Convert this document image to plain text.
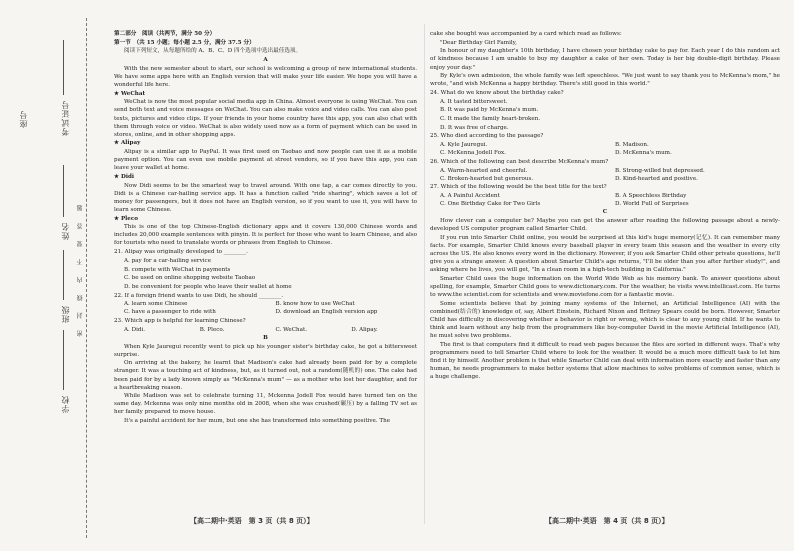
学校
班级
姓名
考试证号
座号
密 封 线 内 不 要 答 题

第二部分　阅读（共两节，满分 50 分）

第一节　（共 15 小题；每小题 2.5 分，满分 37.5 分）

阅读下列短文，从每题所给的 A、B、C、D 四个选项中选出最佳选项。

A

With the new semester about to start, our school is welcoming a group of new international students. We have some apps here with an English version that will make your life easier. We hope you will have a wonderful life here.

★ WeChat

WeChat is now the most popular social media app in China. Almost everyone is using WeChat. You can send both text and voice messages on WeChat. You can also make voice and video calls. You can also post texts, pictures and video clips. If your friends in your home country have this app, you can also chat with them through voice or video. WeChat is also widely used now as a form of payment which can be used in stores, online, and in other shopping apps.

★ Alipay

Alipay is a similar app to PayPal. It was first used on Taobao and now people can use it as a mobile payment option. You can even use mobile payment at street vendors, so if you have this app, you can leave your wallet at home.

★ Didi

Now Didi seems to be the smartest way to travel around. With one tap, a car comes directly to you. Didi is a Chinese car-hailing service app. It has a function called "ride sharing", which saves a lot of money for passengers, but it does not have an English version, so if you want to use it, you will have to learn some Chinese.

★ Pleco

This is one of the top Chinese-English dictionary apps and it covers 130,000 Chinese words and includes 20,000 example sentences with pinyin. It is perfect for those who want to learn Chinese, and also for tourists who need to translate words or phrases from English to Chinese.

21. Alipay was originally developed to ________.

A. pay for a car-hailing service

B. compete with WeChat in payments

C. be used on online shopping website Taobao

D. be convenient for people who leave their wallet at home

22. If a foreign friend wants to use Didi, he should ________.

A. learn some Chinese	B. know how to use WeChat
C. have a passenger to ride with	D. download an English version app

23. Which app is helpful for learning Chinese?

A. Didi.	B. Pleco.	C. WeChat.	D. Alipay.

B

When Kyle Jauregui recently went to pick up his younger sister's birthday cake, he got a bittersweet surprise.

On arriving at the bakery, he learnt that Madison's cake had already been paid for by a complete stranger. It was a touching act of kindness, but, as it turned out, not a random(随机的) one. The cake had been paid for by a lady known simply as "McKenna's mum" — as a mother who lost her daughter, and for a heartbreaking reason.

While Madison was set to celebrate turning 11, Mckenna Jodell Fox would have turned ten on the same day. Mckenna was only nine months old in 2008, when she was crushed(碾压) by a falling TV set as her family prepared to move house.

It's a painful accident for her mum, but one she has transformed into something positive. The

【高二期中·英语　第 3 页（共 8 页）】

cake she bought was accompanied by a card which read as follows:

"Dear Birthday Girl Family,

In honour of my daughter's 10th birthday, I have chosen your birthday cake to pay for. Each year I do this random act of kindness because I am unable to buy my daughter a cake of her own. Today is her big double-digit birthday. Please enjoy your day."

By Kyle's own admission, the whole family was left speechless. "We just want to say thank you to McKenna's mom," he wrote, "and wish McKenna a happy birthday. There's still good in this world."

24. What do we know about the birthday cake?

A. It tasted bittersweet.

B. It was paid by McKenna's mum.

C. It made the family heart-broken.

D. It was free of charge.

25. Who died according to the passage?

A. Kyle Jauregui.	B. Madison.
C. McKenna Jodell Fox.	D. McKenna's mum.

26. Which of the following can best describe McKenna's mum?

A. Warm-hearted and cheerful.	B. Strong-willed but depressed.
C. Broken-hearted but generous.	D. Kind-hearted and positive.

27. Which of the following would be the best title for the text?

A. A Painful Accident	B. A Speechless Birthday
C. One Birthday Cake for Two Girls	D. World Full of Surprises

C

How clever can a computer be? Maybe you can get the answer after reading the following passage about a newly-developed US computer program called Smarter Child.

If you run into Smarter Child online, you would be surprised at this kid's huge memory(记忆). It can remember many facts. For example, Smarter Child knows every baseball player in every team this season and the weather in every city across the US. He also knows every word in the dictionary. However, if you ask Smarter Child other private questions, he'll give you a strange answer. A question about Smarter Child's age returns, "I'll be older than you after further study!", and asking where he lives, you will get, "In a clean room in a high-tech building in California."

Smarter Child uses the huge information on the World Wide Web as his memory bank. To answer questions about spelling, for example, Smarter Child goes to www.dictionary.com. For the weather, he visits www.intellicast.com. He turns to www.the scientist.com for scientists and www.moviefone.com for a fantastic movie.

Some scientists believe that by joining many systems of the Internet, an Artificial Intelligence (AI) with the combined(结合的) knowledge of, say, Albert Einstein, Richard Nixon and Britney Spears could be born. However, Smarter Child has difficulty in discovering whether a behavior is right or wrong, which is clear to any young child. If he wants to think and learn without any help from the programmers like boy-computer David in the movie Artificial Intelligence (AI), he must solve two problems.

The first is that computers find it difficult to read web pages because the files are sorted in different ways. That's why programmers need to tell Smarter Child where to look for the weather. It would be a much more difficult task to let him find it by himself. Another problem is that while Smarter Child can deal with information more exactly and faster than any human, he needs programmers to make better systems that allow machines to solve problems of common sense, which is a huge challenge.

【高二期中·英语　第 4 页（共 8 页）】
